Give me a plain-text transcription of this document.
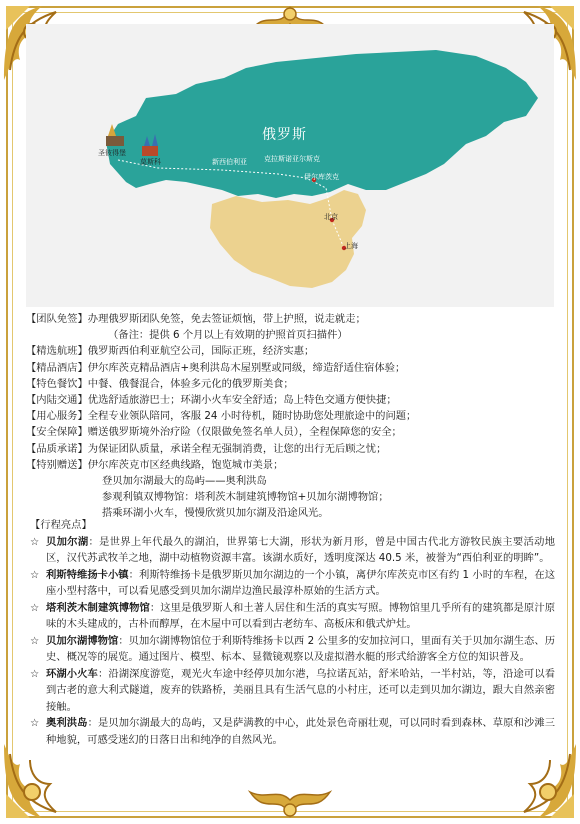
俄罗斯
圣彼得堡
莫斯科	新西伯利亚 克拉斯诺亚尔斯克
伊尔库茨克
北京
上海
【团队免签】 办理俄罗斯团队免签，免去签证烦恼，带上护照，说走就走；
（备注：提供 6 个月以上有效期的护照首页扫描件）
【精选航班】 俄罗斯西伯利亚航空公司，国际正班，经济实惠；
【精品酒店】 伊尔库茨克精品酒店+奥利洪岛木屋别墅或同级，缔造舒适住宿体验；
【特色餐饮】 中餐、俄餐混合，体验多元化的俄罗斯美食；
【内陆交通】 优选舒适旅游巴士；环湖小火车安全舒适；岛上特色交通方便快捷；
【用心服务】 全程专业领队陪同，客服 24 小时待机，随时协助您处理旅途中的问题；
【安全保障】 赠送俄罗斯境外治疗险（仅限做免签名单人员），全程保障您的安全；
【品质承诺】 为保证团队质量，承诺全程无强制消费，让您的出行无后顾之忧；
【特别赠送】 伊尔库茨克市区经典线路，饱览城市美景；
登贝加尔湖最大的岛屿——奥利洪岛
参观利镇双博物馆：塔利茨木制建筑博物馆+贝加尔湖博物馆；
搭乘环湖小火车，慢慢欣赏贝加尔湖及沿途风光。
【行程亮点】
☆ 贝加尔湖：是世界上年代最久的湖泊，世界第七大湖，形状为新月形，曾是中国古代北方游牧民族主要活动地区，汉代苏武牧羊之地，湖中动植物资源丰富。该湖水质好，透明度深达 40.5 米，被誉为“西伯利亚的明眸”。
☆ 利斯特维扬卡小镇：利斯特维扬卡是俄罗斯贝加尔湖边的一个小镇，离伊尔库茨克市区有约 1 小时的车程，在这座小型村落中，可以看见感受到贝加尔湖岸边渔民最淳朴原始的生活方式。
☆ 塔利茨木制建筑博物馆：这里是俄罗斯人和土著人居住和生活的真实写照。博物馆里几乎所有的建筑都是原汁原味的木头建成的，古朴而醇厚，在木屋中可以看到古老纺车、高板床和俄式炉灶。
☆ 贝加尔湖博物馆：贝加尔湖博物馆位于利斯特维扬卡以西 2 公里多的安加拉河口，里面有关于贝加尔湖生态、历史、概况等的展览。通过图片、模型、标本、显微镜观察以及虚拟潜水艇的形式给游客全方位的知识普及。
☆ 环湖小火车：沿湖深度游览，观光火车途中经停贝加尔港，乌拉诺瓦站，舒米哈站，一半村站，等，沿途可以看到古老的意大利式隧道，废弃的铁路桥，美丽且具有生活气息的小村庄，还可以走到贝加尔湖边，跟大自然亲密接触。
☆ 奥利洪岛：是贝加尔湖最大的岛屿，又是萨满教的中心，此处景色奇丽壮观，可以同时看到森林、草原和沙滩三种地貌，可感受迷幻的日落日出和纯净的自然风光。
